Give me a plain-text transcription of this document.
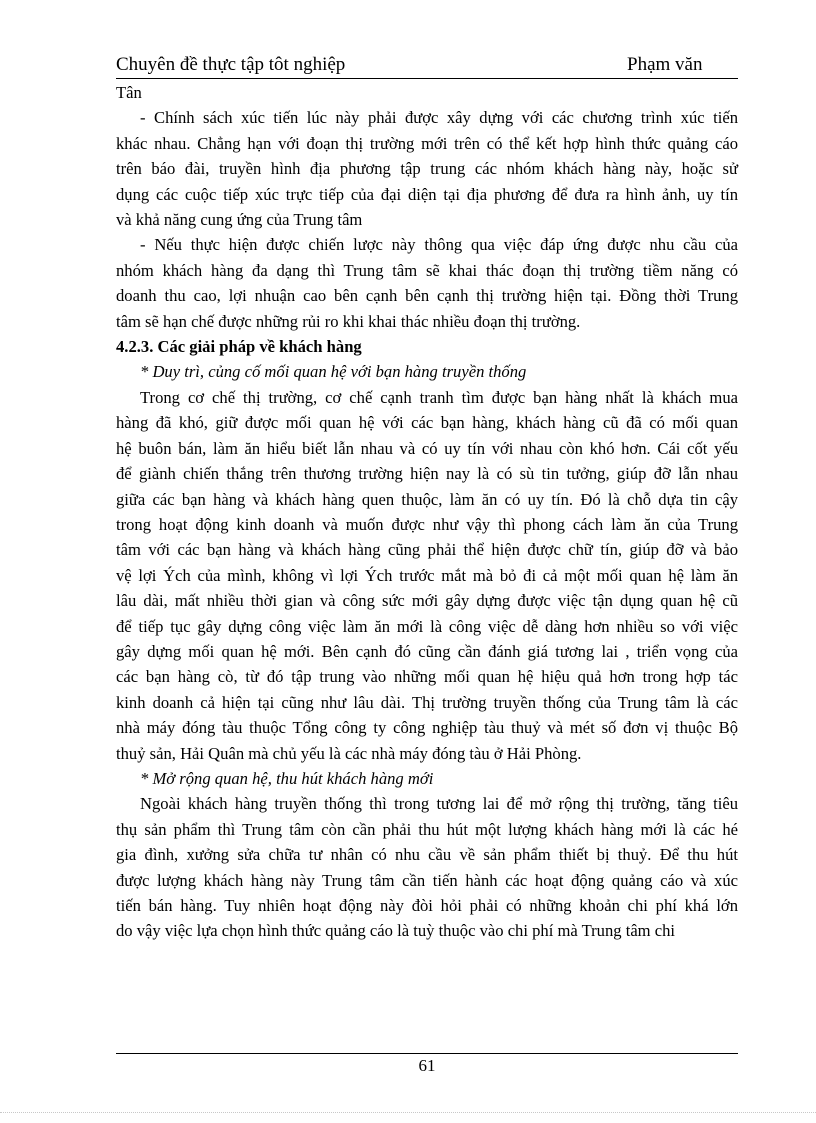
Chuyên đề thực tập tôt nghiệp	Phạm văn
Tân

- Chính sách xúc tiến lúc này phải được xây dựng với các chương trình xúc tiến
khác nhau. Chẳng hạn với đoạn thị trường mới trên có thể kết hợp hình thức quảng cáo
trên báo đài, truyền hình địa phương tập trung các nhóm khách hàng này, hoặc sử
dụng các cuộc tiếp xúc trực tiếp của đại diện tại địa phương để đưa ra hình ảnh, uy tín
và khả năng cung ứng của Trung tâm

- Nếu thực hiện được chiến lược này thông qua việc đáp ứng được nhu cầu của
nhóm khách hàng đa dạng thì Trung tâm sẽ khai thác đoạn thị trường tiềm năng có
doanh thu cao, lợi nhuận cao bên cạnh bên cạnh thị trường hiện tại. Đồng thời Trung
tâm sẽ hạn chế được những rủi ro khi khai thác nhiều đoạn thị trường.

4.2.3. Các giải pháp về khách hàng
* Duy trì, củng cố mối quan hệ với bạn hàng truyền thống

Trong cơ chế thị trường, cơ chế cạnh tranh tìm được bạn hàng nhất là khách mua
hàng đã khó, giữ được mối quan hệ với các bạn hàng, khách hàng cũ đã có mối quan
hệ buôn bán, làm ăn hiểu biết lẫn nhau và có uy tín với nhau còn khó hơn. Cái cốt yếu
để giành chiến thắng trên thương trường hiện nay là có sù tin tưởng, giúp đỡ lẫn nhau
giữa các bạn hàng và khách hàng quen thuộc, làm ăn có uy tín. Đó là chỗ dựa tin cậy
trong hoạt động kinh doanh và muốn được như vậy thì phong cách làm ăn của Trung
tâm với các bạn hàng và khách hàng cũng phải thể hiện được chữ tín, giúp đỡ và bảo
vệ lợi Ých của mình, không vì lợi Ých trước mắt mà bỏ đi cả một mối quan hệ làm ăn
lâu dài, mất nhiều thời gian và công sức mới gây dựng được việc tận dụng quan hệ cũ
để tiếp tục gây dựng công việc làm ăn mới là công việc dễ dàng hơn nhiều so với việc
gây dựng mối quan hệ mới. Bên cạnh đó cũng cần đánh giá tương lai , triển vọng của
các bạn hàng cò, từ đó tập trung vào những mối quan hệ hiệu quả hơn trong hợp tác
kinh doanh cả hiện tại cũng như lâu dài. Thị trường truyền thống của Trung tâm là các
nhà máy đóng tàu thuộc Tổng công ty công nghiệp tàu thuỷ và mét số đơn vị thuộc Bộ
thuỷ sản, Hải Quân mà chủ yếu là các nhà máy đóng tàu ở Hải Phòng.

* Mở rộng quan hệ, thu hút khách hàng mới

Ngoài khách hàng truyền thống thì trong tương lai để mở rộng thị trường, tăng tiêu
thụ sản phẩm thì Trung tâm còn cần phải thu hút một lượng khách hàng mới là các hé
gia đình, xưởng sửa chữa tư nhân có nhu cầu về sản phẩm thiết bị thuỷ. Để thu hút
được lượng khách hàng này Trung tâm cần tiến hành các hoạt động quảng cáo và xúc
tiến bán hàng. Tuy nhiên hoạt động này đòi hỏi phải có những khoản chi phí khá lớn
do vậy việc lựa chọn hình thức quảng cáo là tuỳ thuộc vào chi phí mà Trung tâm chi

61
